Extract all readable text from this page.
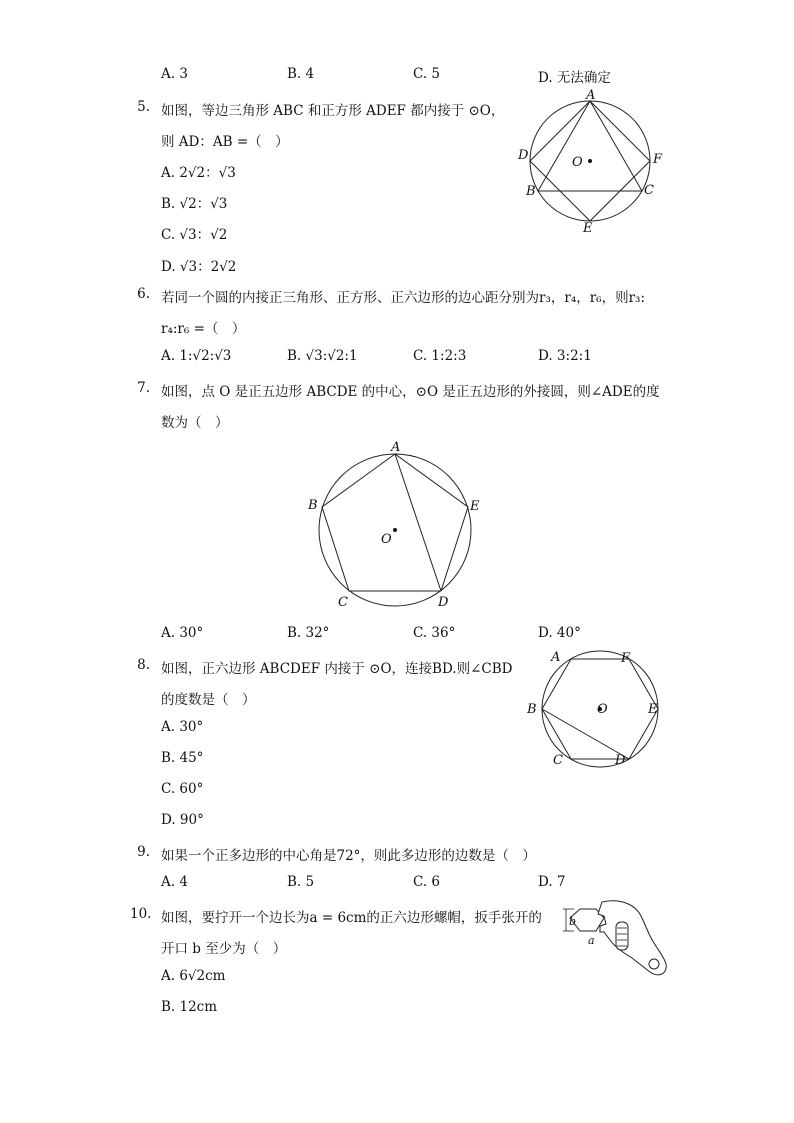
A. 3	B. 4	C. 5	D. 无法确定
5. 如图，等边三角形 ABC 和正方形 ADEF 都内接于 ⊙O，
则 AD：AB =（　）
A. 2√2：√3
B. √2：√3
C. √3：√2
D. √3：2√2
A
D	F
O
B	C
E
6. 若同一个圆的内接正三角形、正方形、正六边形的边心距分别为r₃，r₄，r₆，则r₃:
r₄:r₆ =（　）
A. 1:√2:√3	B. √3:√2:1	C. 1:2:3	D. 3:2:1
7. 如图，点 O 是正五边形 ABCDE 的中心，⊙O 是正五边形的外接圆，则∠ADE的度
数为（　）
A
B	E
O
C	D
A. 30°	B. 32°	C. 36°	D. 40°
8. 如图，正六边形 ABCDEF 内接于 ⊙O，连接BD.则∠CBD
的度数是（　）
A. 30°
B. 45°
C. 60°
D. 90°
A	F
B	O	E
C	D
9. 如果一个正多边形的中心角是72°，则此多边形的边数是（　）
A. 4	B. 5	C. 6	D. 7
10. 如图，要拧开一个边长为a = 6cm的正六边形螺帽，扳手张开的
开口 b 至少为（　）
A. 6√2cm
B. 12cm
b
a
